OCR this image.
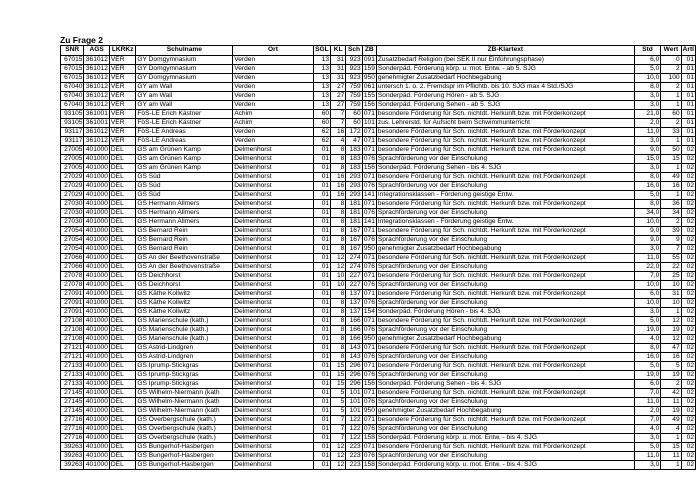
Zu Frage 2
SNR	AGS	LKRKz	Schulname	Ort	SGL	KL	Sch	ZB	ZB-Klartext	Std	Wert	Artl
67015	361012	VER	GY Domgymnasium	Verden	13	31	923	091	Zusatzbedarf Religion (bei SEK II nur Einführungsphase)	6,0	0	01
67015	361012	VER	GY Domgymnasium	Verden	13	31	923	159	Sonderpäd. Förderung körp. u. mot. Entw. - ab 5. SJG	5,0	2	01
67015	361012	VER	GY Domgymnasium	Verden	13	31	923	950	genehmigter Zusatzbedarf Hochbegabung	10,0	100	01
67040	361012	VER	GY am Wall	Verden	13	27	759	061	untersch 1. o. 2. Fremdspr im Pflichtb. bis 10. SJG max 4 Std./SJG	8,0	2	01
67040	361012	VER	GY am Wall	Verden	13	27	759	155	Sonderpäd. Förderung Hören - ab 5. SJG	3,0	1	01
67040	361012	VER	GY am Wall	Verden	13	27	759	156	Sonderpäd. Förderung Sehen - ab 5. SJG	3,0	1	01
93105	361001	VER	FöS-LE Erich Kästner	Achim	60	7	60	071	besondere Förderung für Sch. nichtdt. Herkunft bzw. mit Förderkonzept	21,0	60	01
93105	361001	VER	FöS-LE Erich Kästner	Achim	60	7	60	101	zus. Lehrerstd. für Aufsicht beim Schwimmunterricht	2,0	2	01
93117	361012	VER	FöS-LE Andreas	Verden	62	16	172	071	besondere Förderung für Sch. nichtdt. Herkunft bzw. mit Förderkonzept	11,0	33	01
93117	361012	VER	FöS-LE Andreas	Verden	62	4	47	071	besondere Förderung für Sch. nichtdt. Herkunft bzw. mit Förderkonzept	3,0	1	01
27005	401000	DEL	GS am Grünen Kamp	Delmenhorst	01	8	183	071	besondere Förderung für Sch. nichtdt. Herkunft bzw. mit Förderkonzept	9,0	50	02
27005	401000	DEL	GS am Grünen Kamp	Delmenhorst	01	8	183	076	Sprachförderung vor der Einschulung	15,0	15	02
27005	401000	DEL	GS am Grünen Kamp	Delmenhorst	01	8	183	156	Sonderpäd. Förderung Sehen - bis 4. SJG	3,0	1	02
27029	401000	DEL	GS Süd	Delmenhorst	01	16	293	071	besondere Förderung für Sch. nichtdt. Herkunft bzw. mit Förderkonzept	8,0	49	02
27029	401000	DEL	GS Süd	Delmenhorst	01	16	293	076	Sprachförderung vor der Einschulung	16,0	16	02
27029	401000	DEL	GS Süd	Delmenhorst	01	16	293	141	Integrationsklassen - Förderung geistige Entw.	5,0	1	02
27030	401000	DEL	GS Hermann Allmers	Delmenhorst	01	8	181	071	besondere Förderung für Sch. nichtdt. Herkunft bzw. mit Förderkonzept	8,0	36	02
27030	401000	DEL	GS Hermann Allmers	Delmenhorst	01	8	181	076	Sprachförderung vor der Einschulung	34,0	34	02
27030	401000	DEL	GS Hermann Allmers	Delmenhorst	01	8	181	141	Integrationsklassen - Förderung geistige Entw.	10,0	2	02
27054	401000	DEL	GS Bernard Rein	Delmenhorst	01	8	167	071	besondere Förderung für Sch. nichtdt. Herkunft bzw. mit Förderkonzept	9,0	39	02
27054	401000	DEL	GS Bernard Rein	Delmenhorst	01	8	167	076	Sprachförderung vor der Einschulung	9,0	9	02
27054	401000	DEL	GS Bernard Rein	Delmenhorst	01	8	167	950	genehmigter Zusatzbedarf Hochbegabung	3,0	7	02
27066	401000	DEL	GS An der Beethovenstraße	Delmenhorst	01	12	274	071	besondere Förderung für Sch. nichtdt. Herkunft bzw. mit Förderkonzept	11,0	55	02
27066	401000	DEL	GS An der Beethovenstraße	Delmenhorst	01	12	274	076	Sprachförderung vor der Einschulung	22,0	22	02
27078	401000	DEL	GS Deichhorst	Delmenhorst	01	10	227	071	besondere Förderung für Sch. nichtdt. Herkunft bzw. mit Förderkonzept	7,0	25	02
27078	401000	DEL	GS Deichhorst	Delmenhorst	01	10	227	076	Sprachförderung vor der Einschulung	10,0	10	02
27091	401000	DEL	GS Käthe Kollwitz	Delmenhorst	01	8	137	071	besondere Förderung für Sch. nichtdt. Herkunft bzw. mit Förderkonzept	6,0	31	02
27091	401000	DEL	GS Käthe Kollwitz	Delmenhorst	01	8	137	076	Sprachförderung vor der Einschulung	10,0	10	02
27091	401000	DEL	GS Käthe Kollwitz	Delmenhorst	01	8	137	154	Sonderpäd. Förderung Hören - bis 4. SJG	3,0	1	02
27108	401000	DEL	GS Marienschule (kath.)	Delmenhorst	01	8	166	071	besondere Förderung für Sch. nichtdt. Herkunft bzw. mit Förderkonzept	5,0	12	02
27108	401000	DEL	GS Marienschule (kath.)	Delmenhorst	01	8	166	076	Sprachförderung vor der Einschulung	19,0	19	02
27108	401000	DEL	GS Marienschule (kath.)	Delmenhorst	01	8	166	950	genehmigter Zusatzbedarf Hochbegabung	4,0	12	02
27121	401000	DEL	GS Astrid-Lindgren	Delmenhorst	01	8	143	071	besondere Förderung für Sch. nichtdt. Herkunft bzw. mit Förderkonzept	8,0	47	02
27121	401000	DEL	GS Astrid-Lindgren	Delmenhorst	01	8	143	076	Sprachförderung vor der Einschulung	16,0	16	02
27133	401000	DEL	GS Iprump-Stickgras	Delmenhorst	01	15	296	071	besondere Förderung für Sch. nichtdt. Herkunft bzw. mit Förderkonzept	5,0	5	02
27133	401000	DEL	GS Iprump-Stickgras	Delmenhorst	01	15	296	076	Sprachförderung vor der Einschulung	19,0	19	02
27133	401000	DEL	GS Iprump-Stickgras	Delmenhorst	01	15	296	156	Sonderpäd. Förderung Sehen - bis 4. SJG	6,0	2	02
27145	401000	DEL	GS Wilhelm-Niermann (kath	Delmenhorst	01	5	101	071	besondere Förderung für Sch. nichtdt. Herkunft bzw. mit Förderkonzept	7,0	42	02
27145	401000	DEL	GS Wilhelm-Niermann (kath	Delmenhorst	01	5	101	076	Sprachförderung vor der Einschulung	11,0	11	02
27145	401000	DEL	GS Wilhelm-Niermann (kath	Delmenhorst	01	5	101	950	genehmigter Zusatzbedarf Hochbegabung	2,0	19	02
27716	401000	DEL	GS Overbergschule (kath.)	Delmenhorst	01	7	122	071	besondere Förderung für Sch. nichtdt. Herkunft bzw. mit Förderkonzept	7,0	49	02
27716	401000	DEL	GS Overbergschule (kath.)	Delmenhorst	01	7	122	076	Sprachförderung vor der Einschulung	4,0	4	02
27716	401000	DEL	GS Overbergschule (kath.)	Delmenhorst	01	7	122	158	Sonderpäd. Förderung körp. u. mot. Entw. - bis 4. SJG	3,0	1	02
39263	401000	DEL	GS Bungerhof-Hasbergen	Delmenhorst	01	12	223	071	besondere Förderung für Sch. nichtdt. Herkunft bzw. mit Förderkonzept	5,0	15	02
39263	401000	DEL	GS Bungerhof-Hasbergen	Delmenhorst	01	12	223	076	Sprachförderung vor der Einschulung	11,0	11	02
39263	401000	DEL	GS Bungerhof-Hasbergen	Delmenhorst	01	12	223	158	Sonderpäd. Förderung körp. u. mot. Entw. - bis 4. SJG	3,0	1	02
